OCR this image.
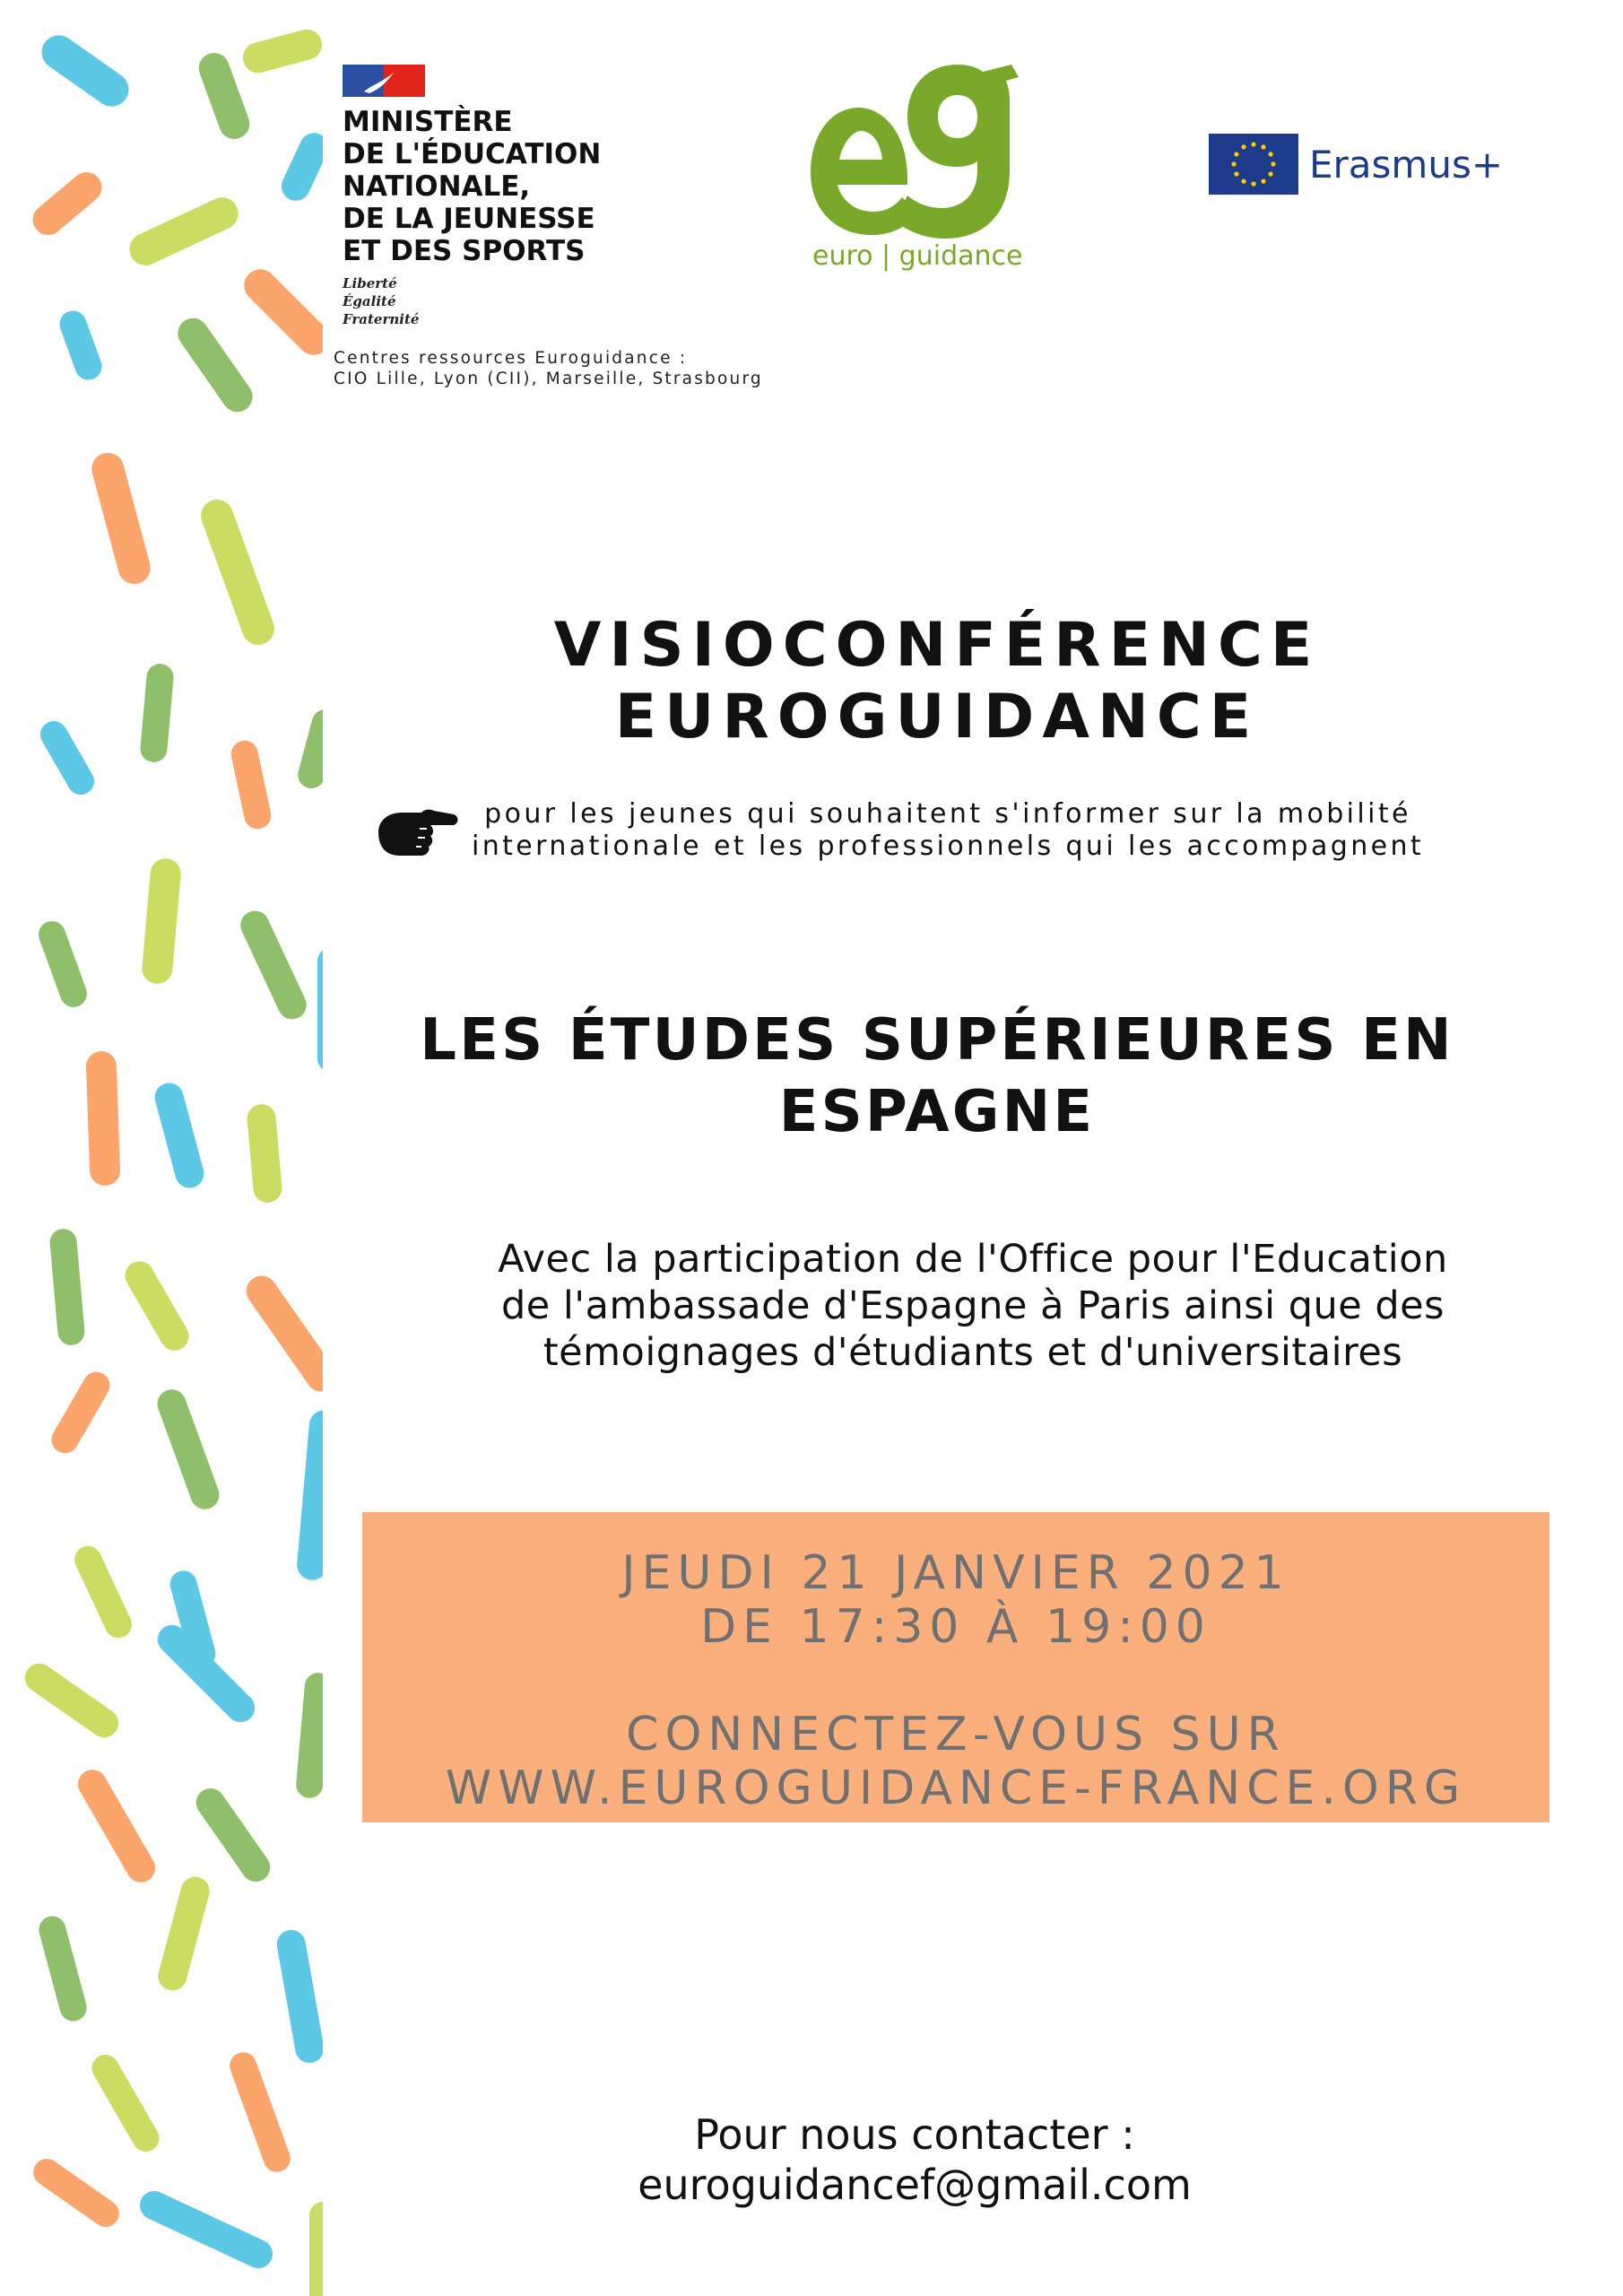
MINISTÈRE
DE L'ÉDUCATION
NATIONALE,
DE LA JEUNESSE
ET DES SPORTS
Liberté
Égalité
Fraternité
Centres ressources Euroguidance :
CIO Lille, Lyon (CII), Marseille, Strasbourg
euro | guidance
Erasmus+
VISIOCONFÉRENCE
EUROGUIDANCE
pour les jeunes qui souhaitent s'informer sur la mobilité
internationale et les professionnels qui les accompagnent
LES ÉTUDES SUPÉRIEURES EN
ESPAGNE
Avec la participation de l'Office pour l'Education
de l'ambassade d'Espagne à Paris ainsi que des
témoignages d'étudiants et d'universitaires
JEUDI 21 JANVIER 2021
DE 17:30 À 19:00
CONNECTEZ-VOUS SUR
WWW.EUROGUIDANCE-FRANCE.ORG
Pour nous contacter :
euroguidancef@gmail.com
